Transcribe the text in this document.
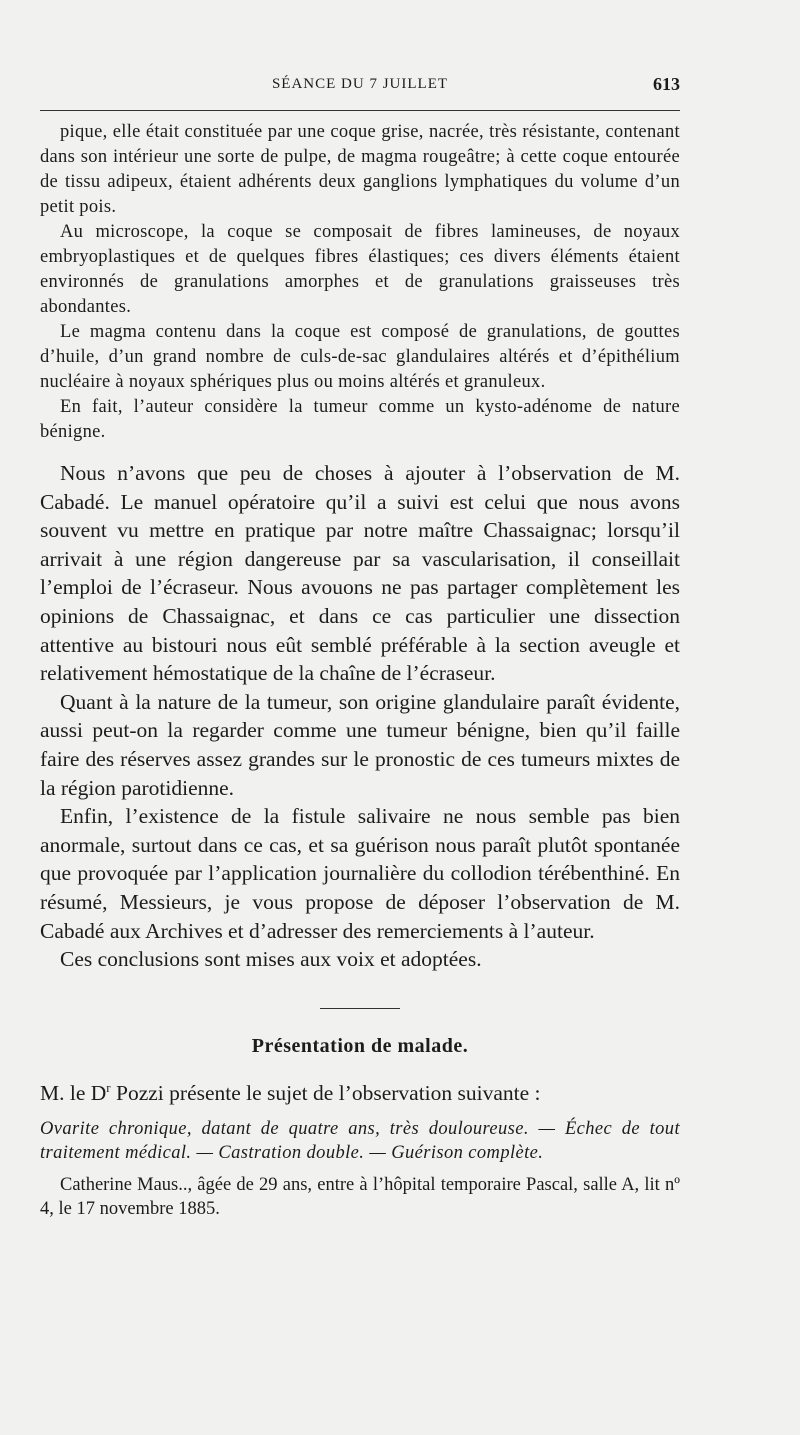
SÉANCE DU 7 JUILLET	613

pique, elle était constituée par une coque grise, nacrée, très résistante, contenant dans son intérieur une sorte de pulpe, de magma rougeâtre; à cette coque entourée de tissu adipeux, étaient adhérents deux ganglions lymphatiques du volume d’un petit pois.

Au microscope, la coque se composait de fibres lamineuses, de noyaux embryoplastiques et de quelques fibres élastiques; ces divers éléments étaient environnés de granulations amorphes et de granulations graisseuses très abondantes.

Le magma contenu dans la coque est composé de granulations, de gouttes d’huile, d’un grand nombre de culs-de-sac glandulaires altérés et d’épithélium nucléaire à noyaux sphériques plus ou moins altérés et granuleux.

En fait, l’auteur considère la tumeur comme un kysto-adénome de nature bénigne.

Nous n’avons que peu de choses à ajouter à l’observation de M. Cabadé. Le manuel opératoire qu’il a suivi est celui que nous avons souvent vu mettre en pratique par notre maître Chassaignac; lorsqu’il arrivait à une région dangereuse par sa vascularisation, il conseillait l’emploi de l’écraseur. Nous avouons ne pas partager complètement les opinions de Chassaignac, et dans ce cas particulier une dissection attentive au bistouri nous eût semblé préférable à la section aveugle et relativement hémostatique de la chaîne de l’écraseur.

Quant à la nature de la tumeur, son origine glandulaire paraît évidente, aussi peut-on la regarder comme une tumeur bénigne, bien qu’il faille faire des réserves assez grandes sur le pronostic de ces tumeurs mixtes de la région parotidienne.

Enfin, l’existence de la fistule salivaire ne nous semble pas bien anormale, surtout dans ce cas, et sa guérison nous paraît plutôt spontanée que provoquée par l’application journalière du collodion térébenthiné. En résumé, Messieurs, je vous propose de déposer l’observation de M. Cabadé aux Archives et d’adresser des remerciements à l’auteur.

Ces conclusions sont mises aux voix et adoptées.

Présentation de malade.
M. le $D^r$ Pozzi présente le sujet de l’observation suivante :
Ovarite chronique, datant de quatre ans, très douloureuse. — Échec de tout traitement médical. — Castration double. — Guérison complète.
Catherine Maus.., âgée de 29 ans, entre à l’hôpital temporaire Pascal, salle A, lit nº 4, le 17 novembre 1885.
